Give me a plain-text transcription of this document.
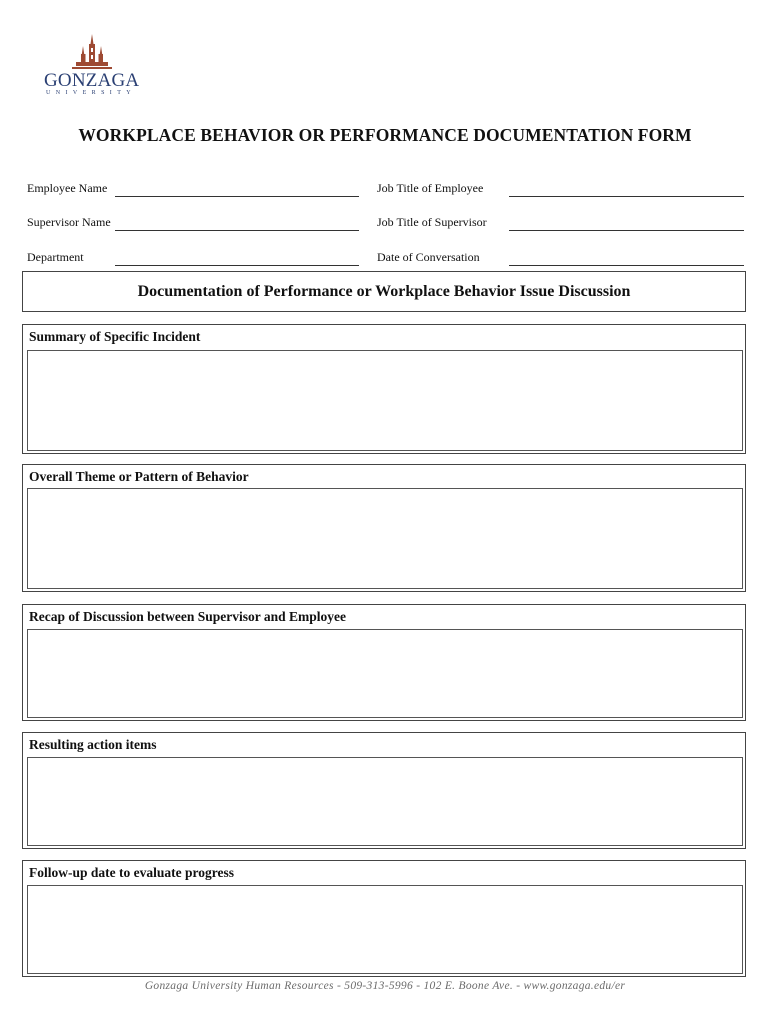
GONZAGA
UNIVERSITY
WORKPLACE BEHAVIOR OR PERFORMANCE DOCUMENTATION FORM
Employee Name	Job Title of Employee
Supervisor Name	Job Title of Supervisor
Department	Date of Conversation
Documentation of Performance or Workplace Behavior Issue Discussion
Summary of Specific Incident
Overall Theme or Pattern of Behavior
Recap of Discussion between Supervisor and Employee
Resulting action items
Follow-up date to evaluate progress
Gonzaga University Human Resources - 509-313-5996 - 102 E. Boone Ave. - www.gonzaga.edu/er
